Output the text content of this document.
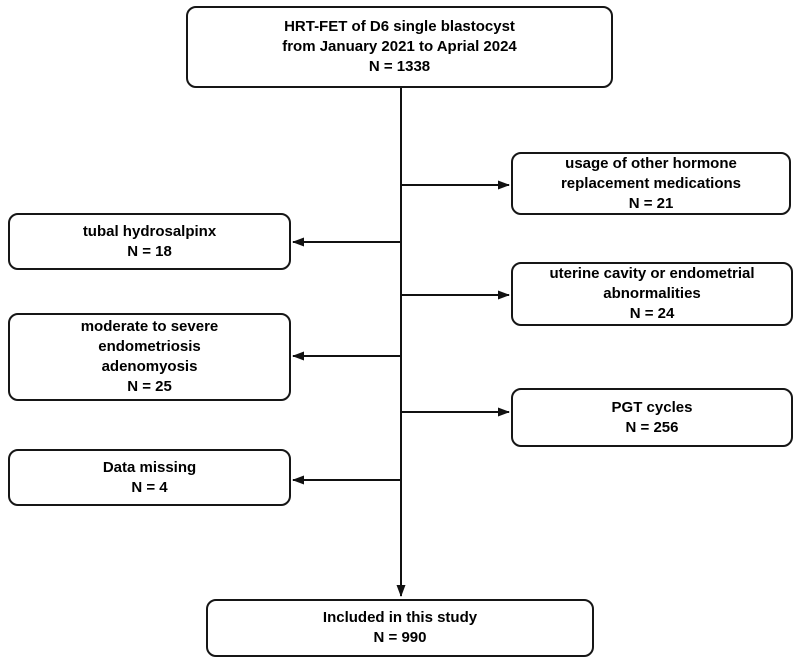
HRT-FET of D6 single blastocyst
from January 2021 to Aprial 2024
N = 1338
usage of other hormone
replacement medications
N = 21
tubal hydrosalpinx
N = 18
uterine cavity or endometrial
abnormalities
N = 24
moderate to severe
endometriosis
adenomyosis
N = 25
PGT cycles
N = 256
Data missing
N = 4
Included in this study
N = 990
